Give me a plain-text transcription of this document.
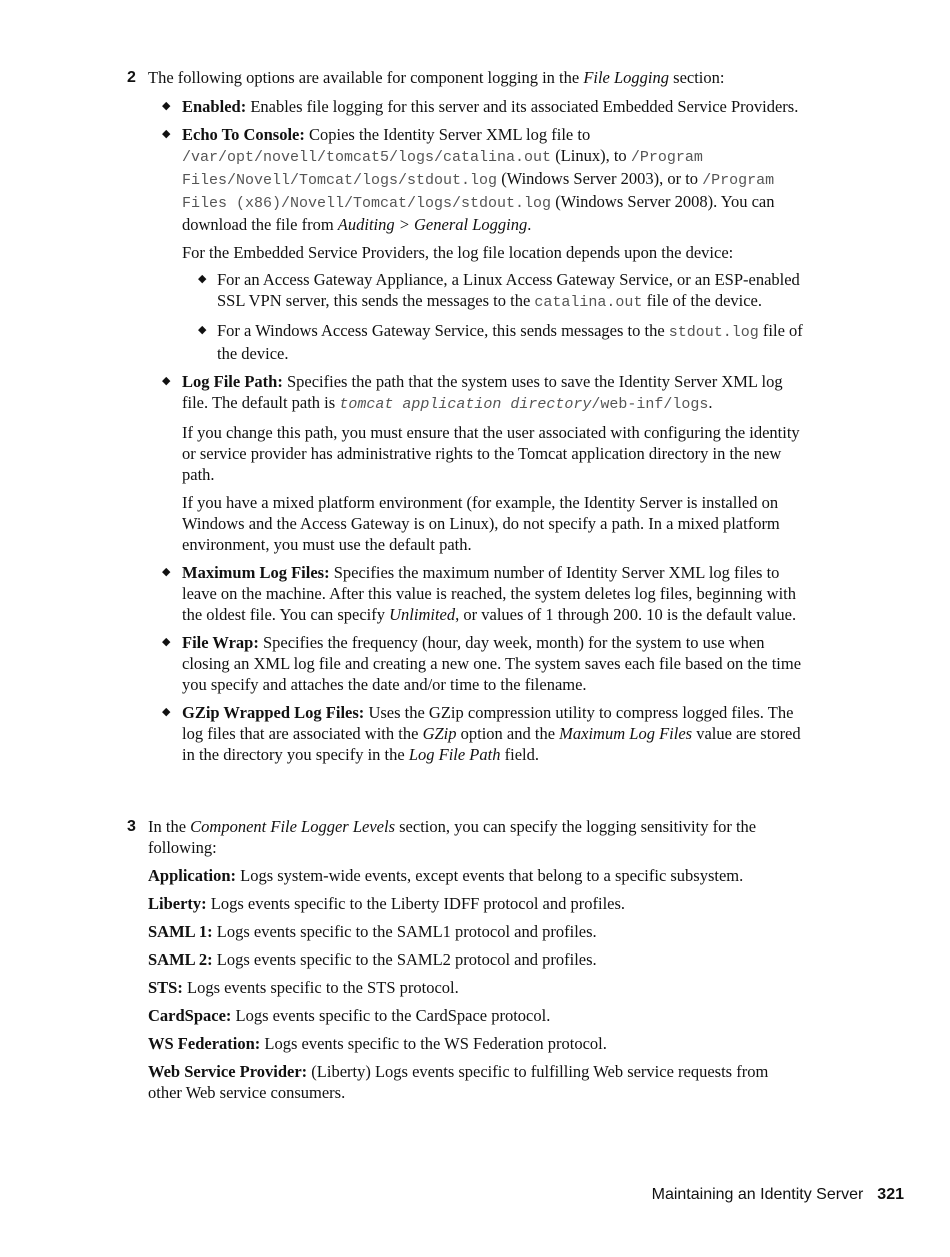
2 The following options are available for component logging in the File Logging section:
◆ Enabled: Enables file logging for this server and its associated Embedded Service Providers.
◆ Echo To Console: Copies the Identity Server XML log file to /var/opt/novell/tomcat5/logs/catalina.out (Linux), to /Program Files/Novell/Tomcat/logs/stdout.log (Windows Server 2003), or to /Program Files (x86)/Novell/Tomcat/logs/stdout.log (Windows Server 2008). You can download the file from Auditing > General Logging.

For the Embedded Service Providers, the log file location depends upon the device:

◆ For an Access Gateway Appliance, a Linux Access Gateway Service, or an ESP-enabled SSL VPN server, this sends the messages to the catalina.out file of the device.
◆ For a Windows Access Gateway Service, this sends messages to the stdout.log file of the device.
◆ Log File Path: Specifies the path that the system uses to save the Identity Server XML log file. The default path is tomcat application directory/web-inf/logs.

If you change this path, you must ensure that the user associated with configuring the identity or service provider has administrative rights to the Tomcat application directory in the new path.

If you have a mixed platform environment (for example, the Identity Server is installed on Windows and the Access Gateway is on Linux), do not specify a path. In a mixed platform environment, you must use the default path.

◆ Maximum Log Files: Specifies the maximum number of Identity Server XML log files to leave on the machine. After this value is reached, the system deletes log files, beginning with the oldest file. You can specify Unlimited, or values of 1 through 200. 10 is the default value.
◆ File Wrap: Specifies the frequency (hour, day week, month) for the system to use when closing an XML log file and creating a new one. The system saves each file based on the time you specify and attaches the date and/or time to the filename.
◆ GZip Wrapped Log Files: Uses the GZip compression utility to compress logged files. The log files that are associated with the GZip option and the Maximum Log Files value are stored in the directory you specify in the Log File Path field.
3 In the Component File Logger Levels section, you can specify the logging sensitivity for the following:

Application: Logs system-wide events, except events that belong to a specific subsystem.

Liberty: Logs events specific to the Liberty IDFF protocol and profiles.

SAML 1: Logs events specific to the SAML1 protocol and profiles.

SAML 2: Logs events specific to the SAML2 protocol and profiles.

STS: Logs events specific to the STS protocol.

CardSpace: Logs events specific to the CardSpace protocol.

WS Federation: Logs events specific to the WS Federation protocol.

Web Service Provider: (Liberty) Logs events specific to fulfilling Web service requests from other Web service consumers.

Maintaining an Identity Server 321
